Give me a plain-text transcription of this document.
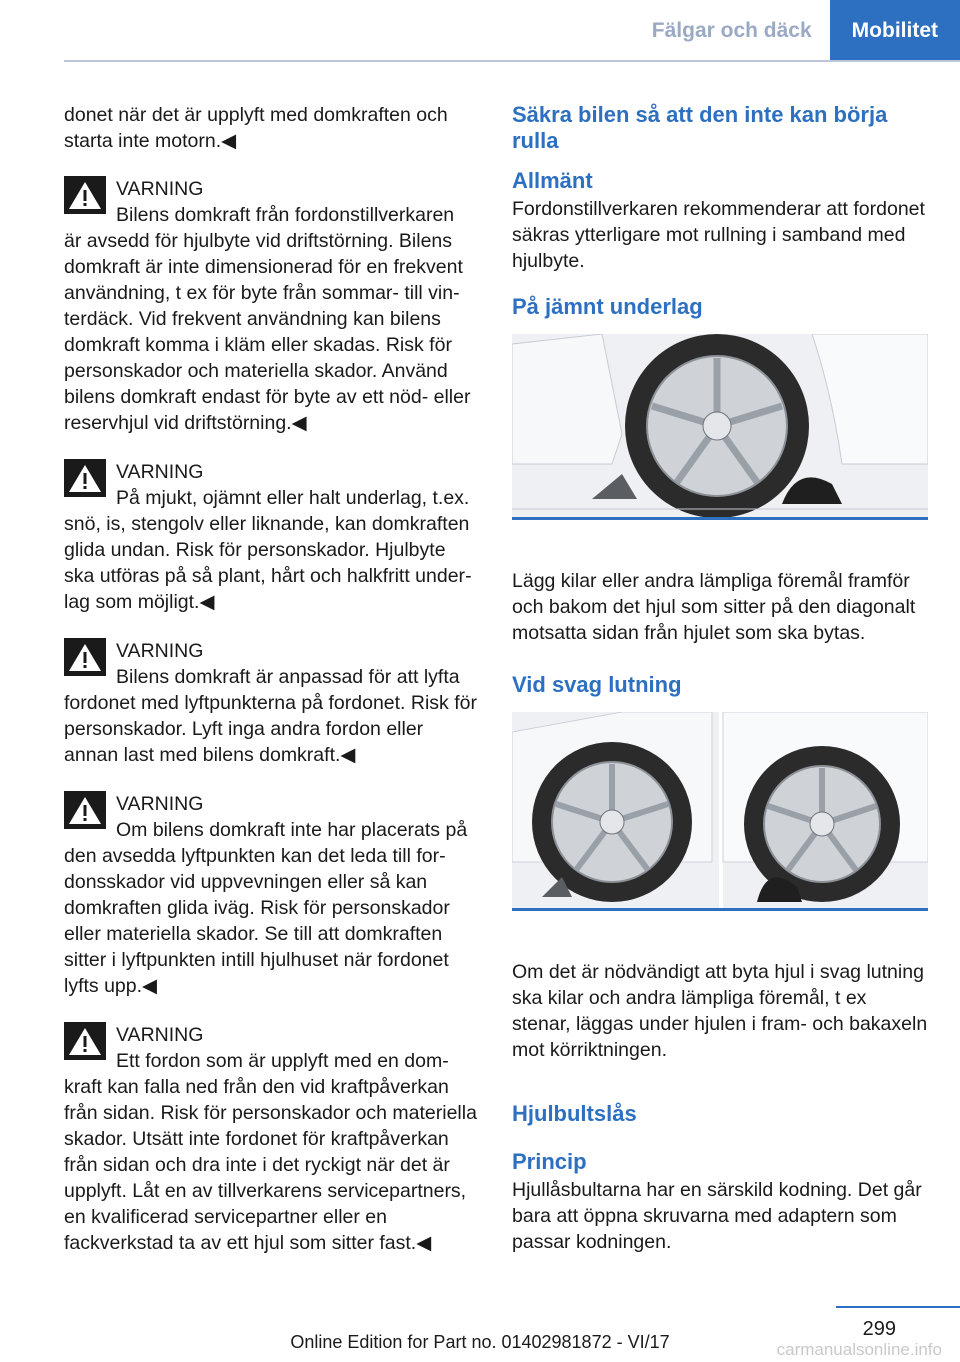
Fälgar och däck	Mobilitet

donet när det är upplyft med domkraften och starta inte motorn.◀

VARNING
Bilens domkraft från fordonstillverkaren

är avsedd för hjulbyte vid driftstörning. Bilens domkraft är inte dimensionerad för en frekvent användning, t ex för byte från sommar- till vinterdäck. Vid frekvent användning kan bilens domkraft komma i kläm eller skadas. Risk för personskador och materiella skador. Använd bilens domkraft endast för byte av ett nöd- eller reservhjul vid driftstörning.◀

VARNING
På mjukt, ojämnt eller halt underlag, t.ex.

snö, is, stengolv eller liknande, kan domkraften glida undan. Risk för personskador. Hjulbyte ska utföras på så plant, hårt och halkfritt underlag som möjligt.◀

VARNING
Bilens domkraft är anpassad för att lyfta

fordonet med lyftpunkterna på fordonet. Risk för personskador. Lyft inga andra fordon eller annan last med bilens domkraft.◀

VARNING
Om bilens domkraft inte har placerats på

den avsedda lyftpunkten kan det leda till fordonsskador vid uppvevningen eller så kan domkraften glida iväg. Risk för personskador eller materiella skador. Se till att domkraften sitter i lyftpunkten intill hjulhuset när fordonet lyfts upp.◀

VARNING
Ett fordon som är upplyft med en dom-

kraft kan falla ned från den vid kraftpåverkan från sidan. Risk för personskador och materiella skador. Utsätt inte fordonet för kraftpåverkan från sidan och dra inte i det ryckigt när det är upplyft. Låt en av tillverkarens servicepartners, en kvalificerad servicepartner eller en fackverkstad ta av ett hjul som sitter fast.◀

Säkra bilen så att den inte kan börja rulla
Allmänt

Fordonstillverkaren rekommenderar att fordonet säkras ytterligare mot rullning i samband med hjulbyte.

På jämnt underlag

Lägg kilar eller andra lämpliga föremål framför och bakom det hjul som sitter på den diagonalt motsatta sidan från hjulet som ska bytas.

Vid svag lutning

Om det är nödvändigt att byta hjul i svag lutning ska kilar och andra lämpliga föremål, t ex stenar, läggas under hjulen i fram- och bakaxeln mot körriktningen.

Hjulbultslås
Princip

Hjullåsbultarna har en särskild kodning. Det går bara att öppna skruvarna med adaptern som passar kodningen.

299
Online Edition for Part no. 01402981872 - VI/17	carmanualsonline.info
